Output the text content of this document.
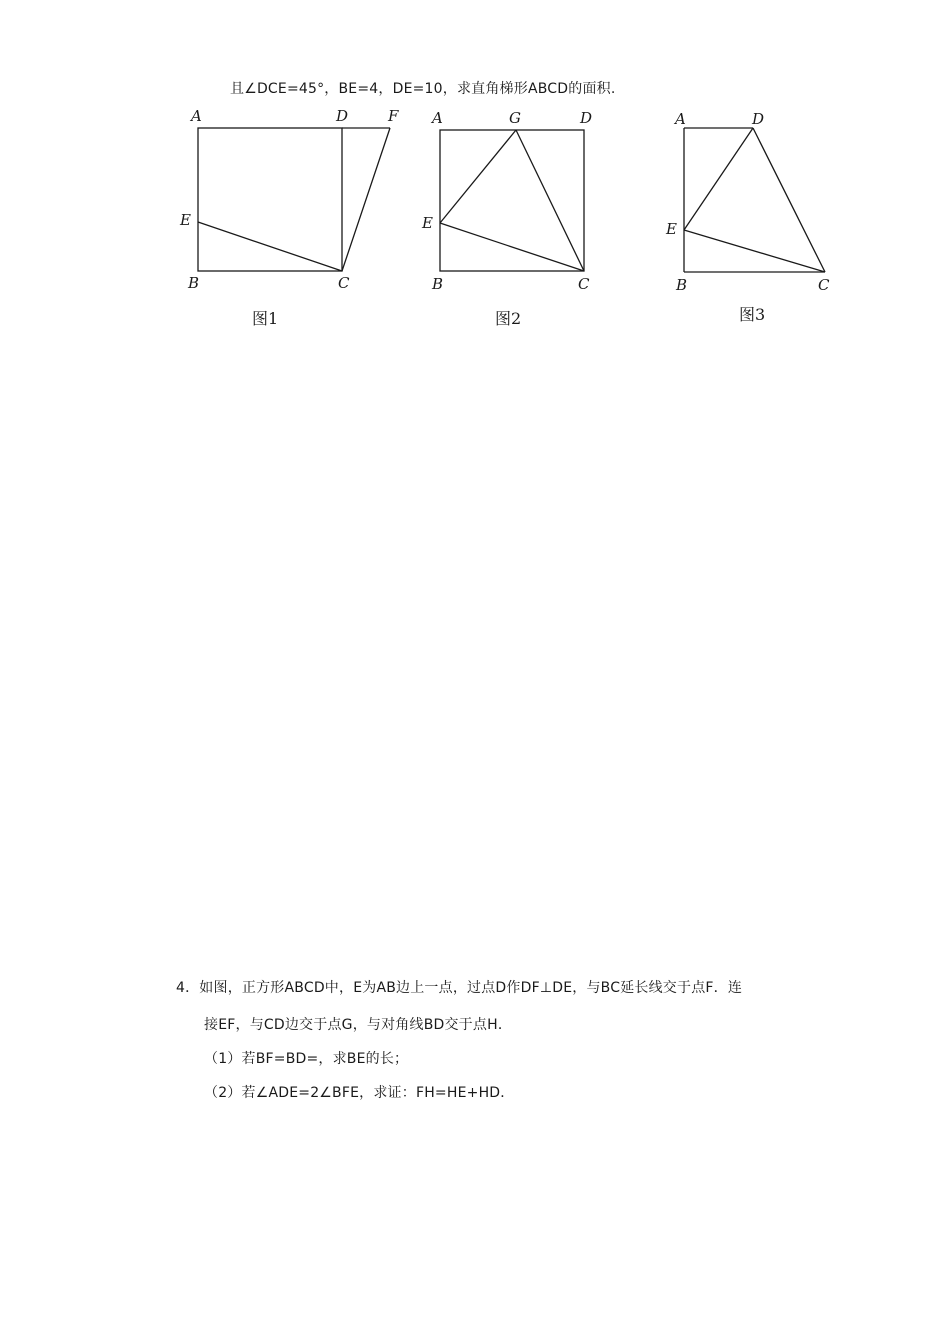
且∠DCE=45°，BE=4，DE=10，求直角梯形ABCD的面积.
A	D	F
E
B	C
图1
A	G	D
E
B	C
图2
A	D
E
B	C
图3
4．如图，正方形ABCD中，E为AB边上一点，过点D作DF⊥DE，与BC延长线交于点F．连
接EF，与CD边交于点G，与对角线BD交于点H．
（1）若BF=BD=，求BE的长；
（2）若∠ADE=2∠BFE，求证：FH=HE+HD．
